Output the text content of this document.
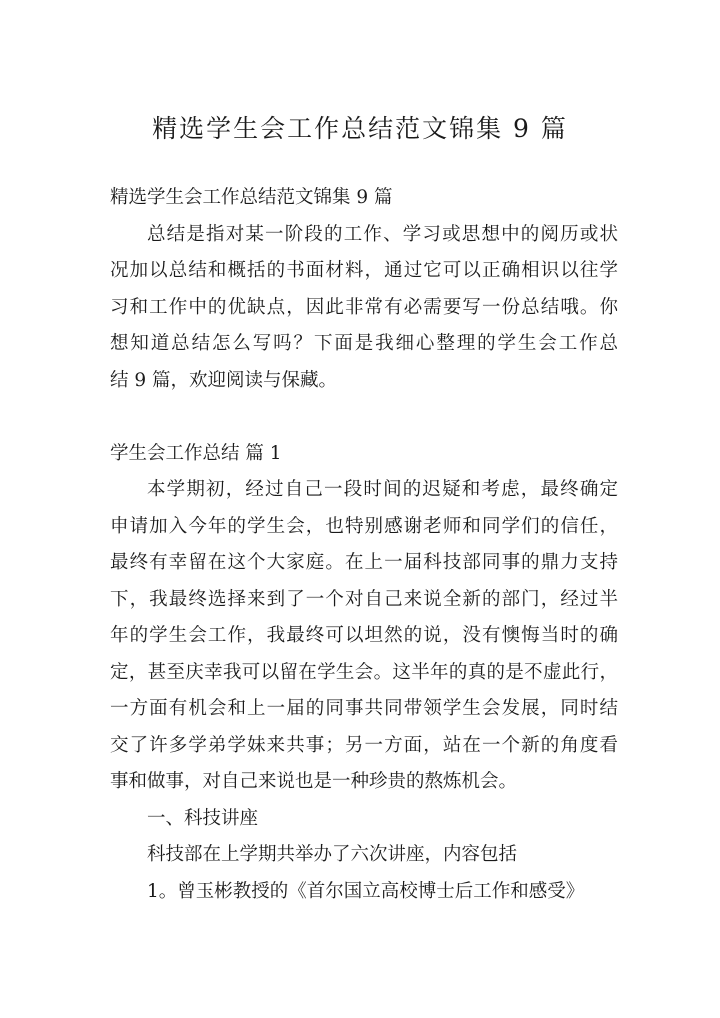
精选学生会工作总结范文锦集 9 篇
精选学生会工作总结范文锦集 9 篇
总结是指对某一阶段的工作、学习或思想中的阅历或状
况加以总结和概括的书面材料，通过它可以正确相识以往学
习和工作中的优缺点，因此非常有必需要写一份总结哦。你
想知道总结怎么写吗？下面是我细心整理的学生会工作总
结 9 篇，欢迎阅读与保藏。
学生会工作总结 篇 1
本学期初，经过自己一段时间的迟疑和考虑，最终确定
申请加入今年的学生会，也特别感谢老师和同学们的信任，
最终有幸留在这个大家庭。在上一届科技部同事的鼎力支持
下，我最终选择来到了一个对自己来说全新的部门，经过半
年的学生会工作，我最终可以坦然的说，没有懊悔当时的确
定，甚至庆幸我可以留在学生会。这半年的真的是不虚此行，
一方面有机会和上一届的同事共同带领学生会发展，同时结
交了许多学弟学妹来共事；另一方面，站在一个新的角度看
事和做事，对自己来说也是一种珍贵的熬炼机会。
一、科技讲座
科技部在上学期共举办了六次讲座，内容包括
1。曾玉彬教授的《首尔国立高校博士后工作和感受》
